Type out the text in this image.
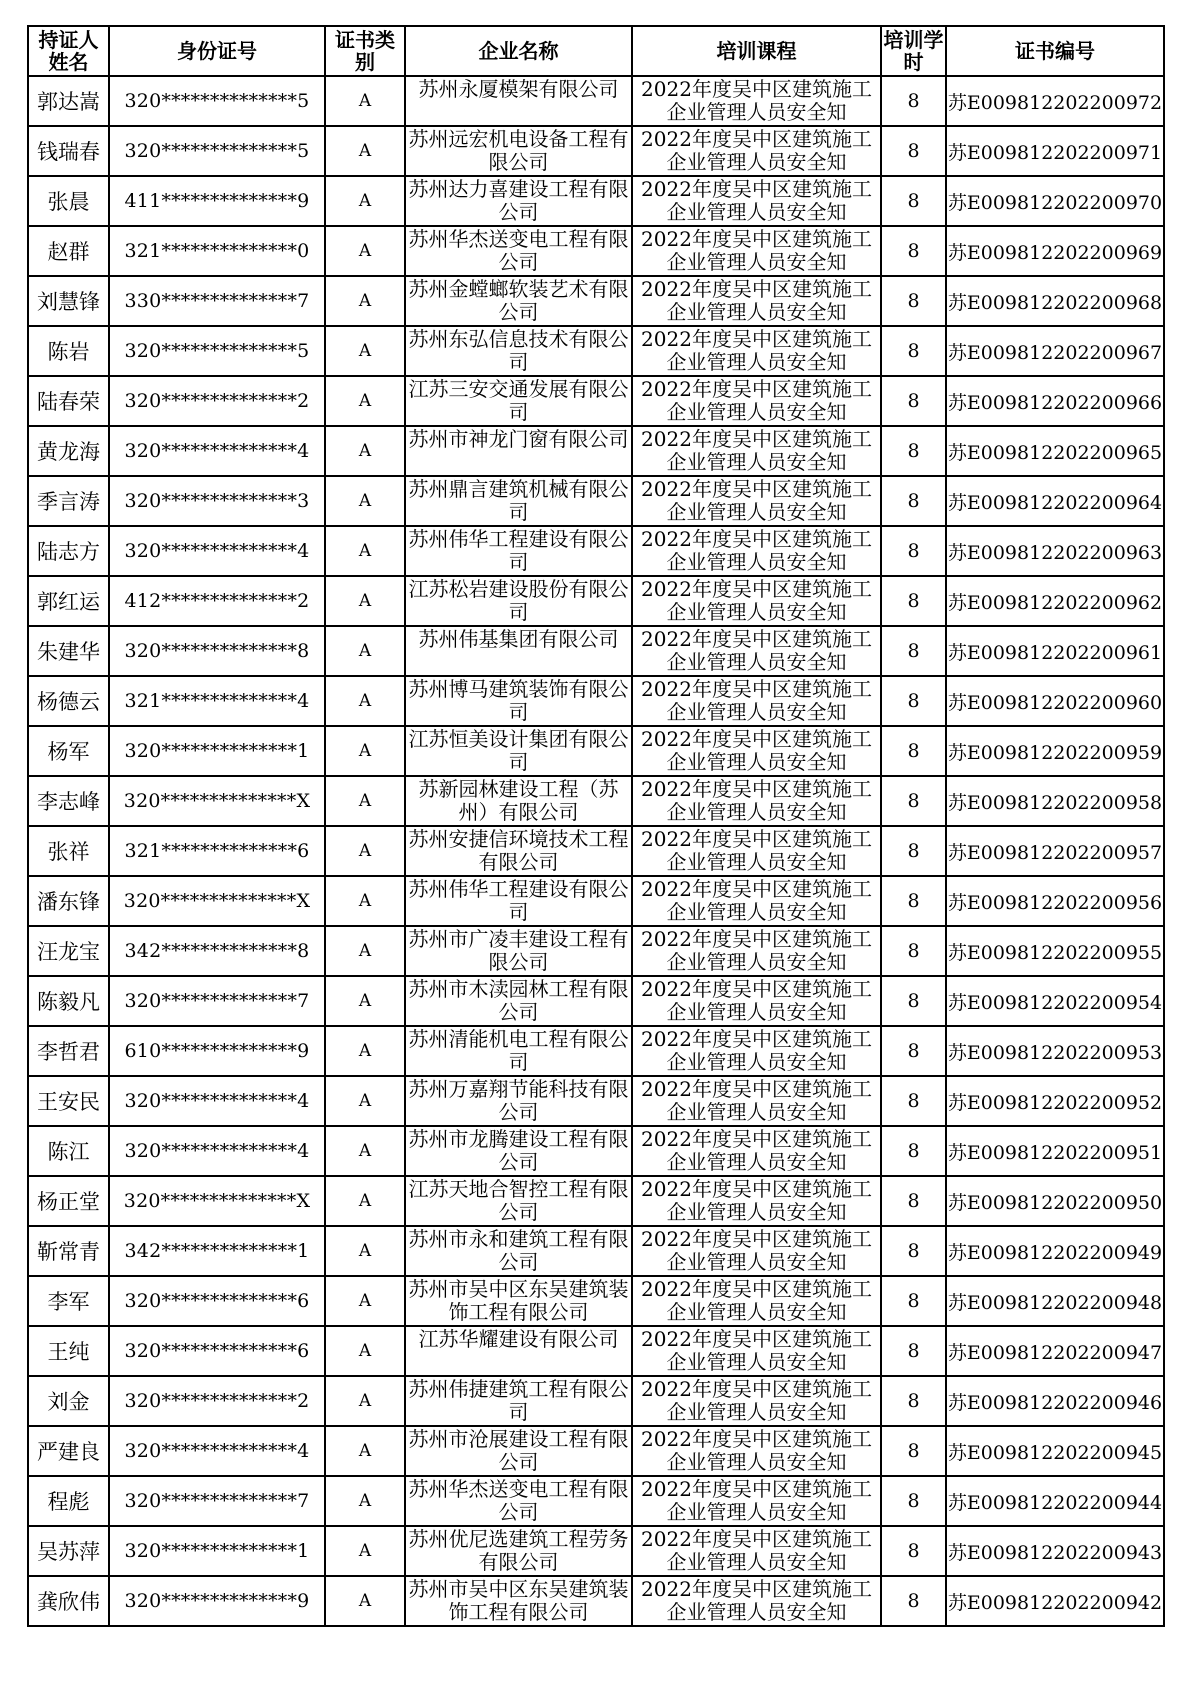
持证人姓名	身份证号	证书类别	企业名称	培训课程	培训学时	证书编号
郭达嵩	320**************5	A	苏州永厦模架有限公司	2022年度吴中区建筑施工企业管理人员安全知	8	苏E009812202200972
钱瑞春	320**************5	A	苏州远宏机电设备工程有限公司	2022年度吴中区建筑施工企业管理人员安全知	8	苏E009812202200971
张晨	411**************9	A	苏州达力喜建设工程有限公司	2022年度吴中区建筑施工企业管理人员安全知	8	苏E009812202200970
赵群	321**************0	A	苏州华杰送变电工程有限公司	2022年度吴中区建筑施工企业管理人员安全知	8	苏E009812202200969
刘慧锋	330**************7	A	苏州金螳螂软装艺术有限公司	2022年度吴中区建筑施工企业管理人员安全知	8	苏E009812202200968
陈岩	320**************5	A	苏州东弘信息技术有限公司	2022年度吴中区建筑施工企业管理人员安全知	8	苏E009812202200967
陆春荣	320**************2	A	江苏三安交通发展有限公司	2022年度吴中区建筑施工企业管理人员安全知	8	苏E009812202200966
黄龙海	320**************4	A	苏州市神龙门窗有限公司	2022年度吴中区建筑施工企业管理人员安全知	8	苏E009812202200965
季言涛	320**************3	A	苏州鼎言建筑机械有限公司	2022年度吴中区建筑施工企业管理人员安全知	8	苏E009812202200964
陆志方	320**************4	A	苏州伟华工程建设有限公司	2022年度吴中区建筑施工企业管理人员安全知	8	苏E009812202200963
郭红运	412**************2	A	江苏松岩建设股份有限公司	2022年度吴中区建筑施工企业管理人员安全知	8	苏E009812202200962
朱建华	320**************8	A	苏州伟基集团有限公司	2022年度吴中区建筑施工企业管理人员安全知	8	苏E009812202200961
杨德云	321**************4	A	苏州博马建筑装饰有限公司	2022年度吴中区建筑施工企业管理人员安全知	8	苏E009812202200960
杨军	320**************1	A	江苏恒美设计集团有限公司	2022年度吴中区建筑施工企业管理人员安全知	8	苏E009812202200959
李志峰	320**************X	A	苏新园林建设工程（苏州）有限公司	2022年度吴中区建筑施工企业管理人员安全知	8	苏E009812202200958
张祥	321**************6	A	苏州安捷信环境技术工程有限公司	2022年度吴中区建筑施工企业管理人员安全知	8	苏E009812202200957
潘东锋	320**************X	A	苏州伟华工程建设有限公司	2022年度吴中区建筑施工企业管理人员安全知	8	苏E009812202200956
汪龙宝	342**************8	A	苏州市广凌丰建设工程有限公司	2022年度吴中区建筑施工企业管理人员安全知	8	苏E009812202200955
陈毅凡	320**************7	A	苏州市木渎园林工程有限公司	2022年度吴中区建筑施工企业管理人员安全知	8	苏E009812202200954
李哲君	610**************9	A	苏州清能机电工程有限公司	2022年度吴中区建筑施工企业管理人员安全知	8	苏E009812202200953
王安民	320**************4	A	苏州万嘉翔节能科技有限公司	2022年度吴中区建筑施工企业管理人员安全知	8	苏E009812202200952
陈江	320**************4	A	苏州市龙腾建设工程有限公司	2022年度吴中区建筑施工企业管理人员安全知	8	苏E009812202200951
杨正堂	320**************X	A	江苏天地合智控工程有限公司	2022年度吴中区建筑施工企业管理人员安全知	8	苏E009812202200950
靳常青	342**************1	A	苏州市永和建筑工程有限公司	2022年度吴中区建筑施工企业管理人员安全知	8	苏E009812202200949
李军	320**************6	A	苏州市吴中区东吴建筑装饰工程有限公司	2022年度吴中区建筑施工企业管理人员安全知	8	苏E009812202200948
王纯	320**************6	A	江苏华耀建设有限公司	2022年度吴中区建筑施工企业管理人员安全知	8	苏E009812202200947
刘金	320**************2	A	苏州伟捷建筑工程有限公司	2022年度吴中区建筑施工企业管理人员安全知	8	苏E009812202200946
严建良	320**************4	A	苏州市沧展建设工程有限公司	2022年度吴中区建筑施工企业管理人员安全知	8	苏E009812202200945
程彪	320**************7	A	苏州华杰送变电工程有限公司	2022年度吴中区建筑施工企业管理人员安全知	8	苏E009812202200944
吴苏萍	320**************1	A	苏州优尼选建筑工程劳务有限公司	2022年度吴中区建筑施工企业管理人员安全知	8	苏E009812202200943
龚欣伟	320**************9	A	苏州市吴中区东吴建筑装饰工程有限公司	2022年度吴中区建筑施工企业管理人员安全知	8	苏E009812202200942
